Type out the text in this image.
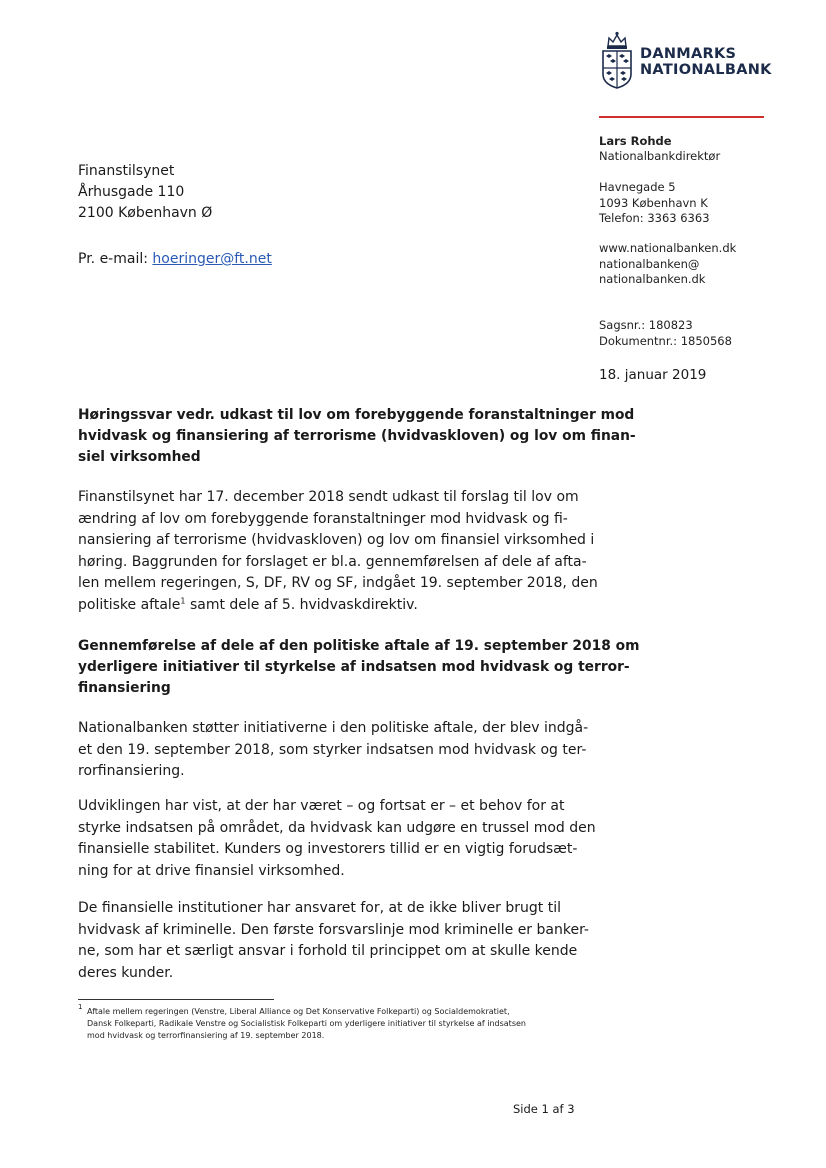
DANMARKS
NATIONALBANK
Lars Rohde
Nationalbankdirektør
Havnegade 5
1093 København K
Telefon: 3363 6363
www.nationalbanken.dk
nationalbanken@
nationalbanken.dk
Sagsnr.: 180823
Dokumentnr.: 1850568
18. januar 2019
Finanstilsynet
Århusgade 110
2100 København Ø
Pr. e-mail: hoeringer@ft.net
Høringssvar vedr. udkast til lov om forebyggende foranstaltninger mod
hvidvask og finansiering af terrorisme (hvidvaskloven) og lov om finan-
siel virksomhed
Finanstilsynet har 17. december 2018 sendt udkast til forslag til lov om
ændring af lov om forebyggende foranstaltninger mod hvidvask og fi-
nansiering af terrorisme (hvidvaskloven) og lov om finansiel virksomhed i
høring. Baggrunden for forslaget er bl.a. gennemførelsen af dele af afta-
len mellem regeringen, S, DF, RV og SF, indgået 19. september 2018, den
politiske aftale$^1$ samt dele af 5. hvidvaskdirektiv.
Gennemførelse af dele af den politiske aftale af 19. september 2018 om
yderligere initiativer til styrkelse af indsatsen mod hvidvask og terror-
finansiering
Nationalbanken støtter initiativerne i den politiske aftale, der blev indgå-
et den 19. september 2018, som styrker indsatsen mod hvidvask og ter-
rorfinansiering.
Udviklingen har vist, at der har været – og fortsat er – et behov for at
styrke indsatsen på området, da hvidvask kan udgøre en trussel mod den
finansielle stabilitet. Kunders og investorers tillid er en vigtig forudsæt-
ning for at drive finansiel virksomhed.
De finansielle institutioner har ansvaret for, at de ikke bliver brugt til
hvidvask af kriminelle. Den første forsvarslinje mod kriminelle er banker-
ne, som har et særligt ansvar i forhold til princippet om at skulle kende
deres kunder.
1 Aftale mellem regeringen (Venstre, Liberal Alliance og Det Konservative Folkeparti) og Socialdemokratiet,
Dansk Folkeparti, Radikale Venstre og Socialistisk Folkeparti om yderligere initiativer til styrkelse af indsatsen
mod hvidvask og terrorfinansiering af 19. september 2018.
Side 1 af 3
